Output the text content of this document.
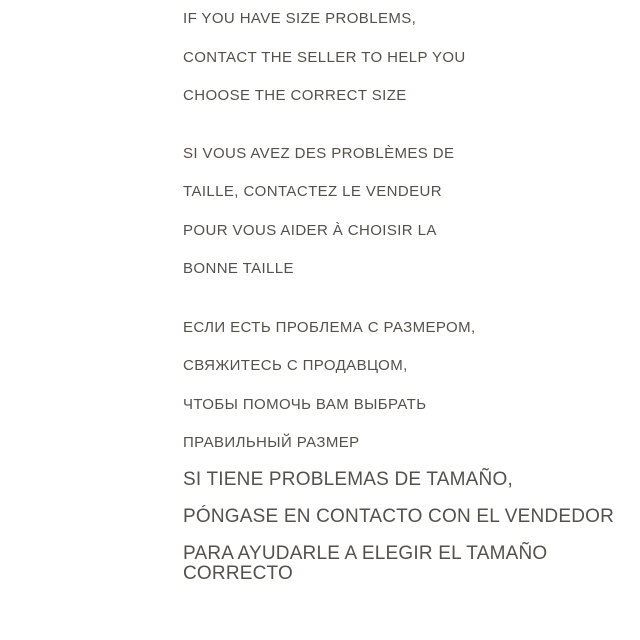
IF YOU HAVE SIZE PROBLEMS,
CONTACT THE SELLER TO HELP YOU
CHOOSE THE CORRECT SIZE
SI VOUS AVEZ DES PROBLÈMES DE
TAILLE, CONTACTEZ LE VENDEUR
POUR VOUS AIDER À CHOISIR LA
BONNE TAILLE
ЕСЛИ ЕСТЬ ПРОБЛЕМА С РАЗМЕРОМ,
СВЯЖИТЕСЬ С ПРОДАВЦОМ,
ЧТОБЫ ПОМОЧЬ ВАМ ВЫБРАТЬ
ПРАВИЛЬНЫЙ РАЗМЕР
SI TIENE PROBLEMAS DE TAMAÑO,
PÓNGASE EN CONTACTO CON EL VENDEDOR
PARA AYUDARLE A ELEGIR EL TAMAÑO
CORRECTO
